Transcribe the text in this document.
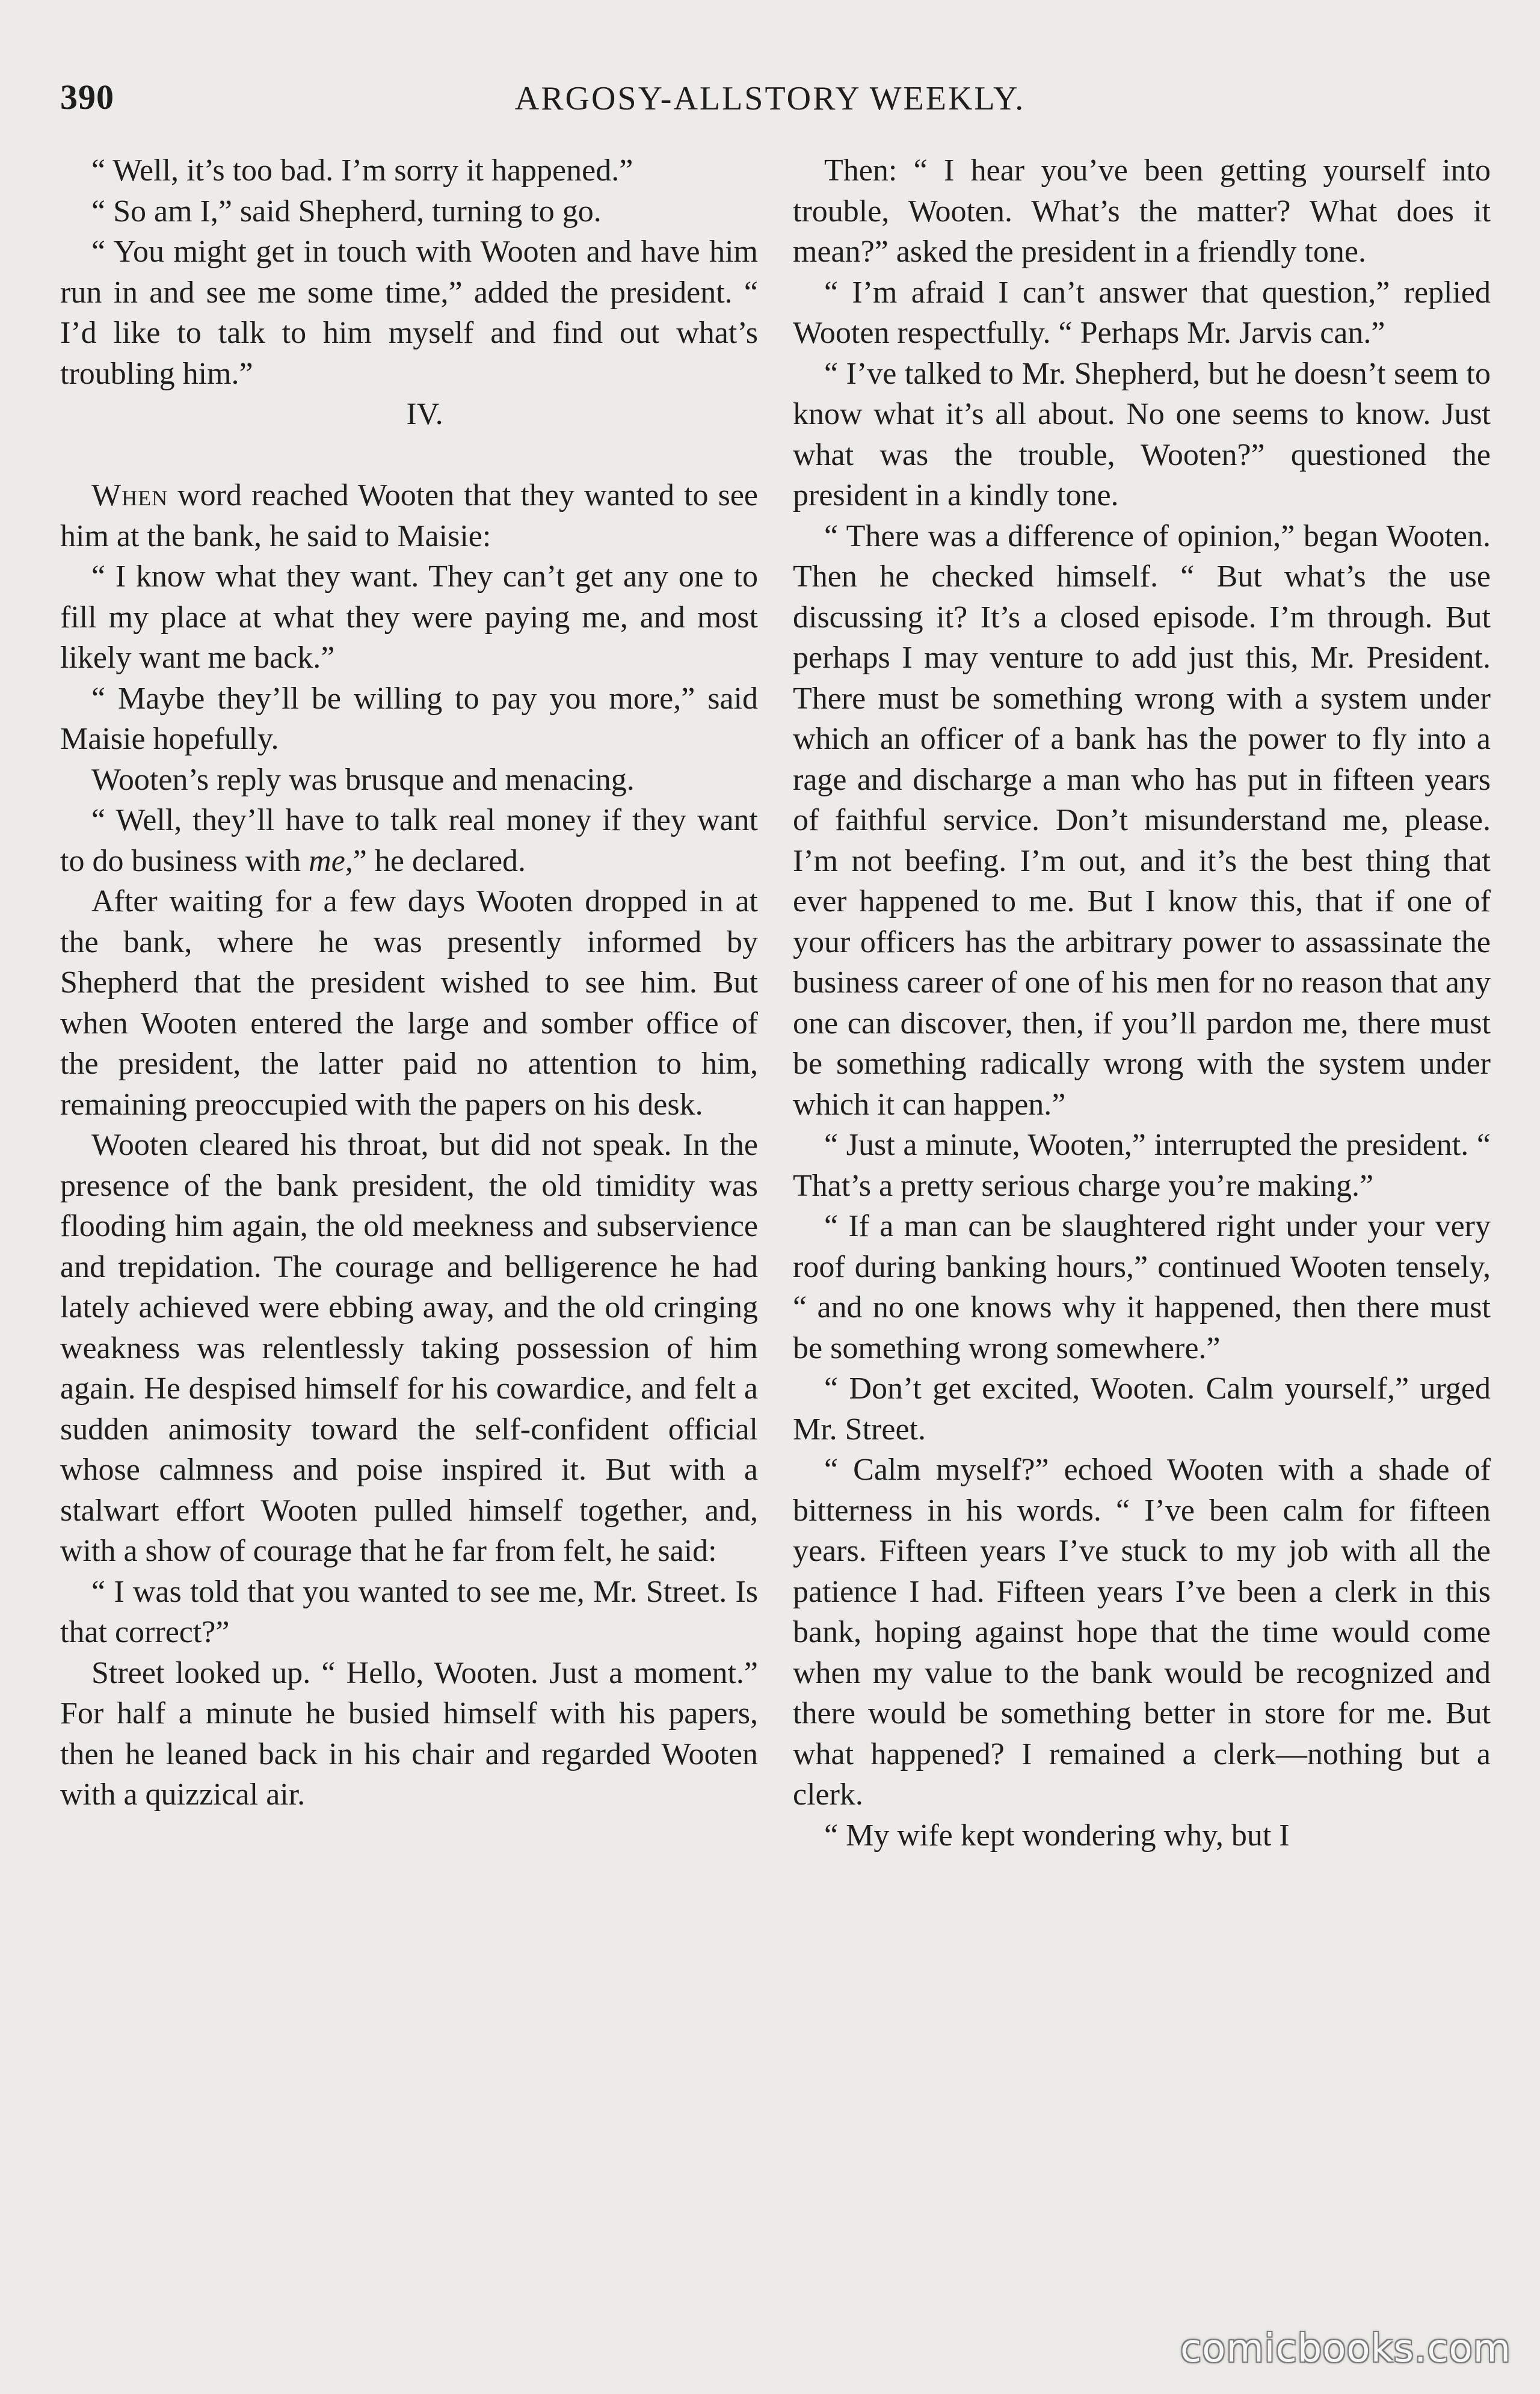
390	ARGOSY-ALLSTORY WEEKLY.

“ Well, it’s too bad. I’m sorry it happened.”

“ So am I,” said Shepherd, turning to go.

“ You might get in touch with Wooten and have him run in and see me some time,” added the president. “ I’d like to talk to him myself and find out what’s troubling him.”

IV.

When word reached Wooten that they wanted to see him at the bank, he said to Maisie:

“ I know what they want. They can’t get any one to fill my place at what they were paying me, and most likely want me back.”

“ Maybe they’ll be willing to pay you more,” said Maisie hopefully.

Wooten’s reply was brusque and menacing.

“ Well, they’ll have to talk real money if they want to do business with me,” he declared.

After waiting for a few days Wooten dropped in at the bank, where he was presently informed by Shepherd that the president wished to see him. But when Wooten entered the large and somber office of the president, the latter paid no attention to him, remaining preoccupied with the papers on his desk.

Wooten cleared his throat, but did not speak. In the presence of the bank president, the old timidity was flooding him again, the old meekness and subservience and trepidation. The courage and belligerence he had lately achieved were ebbing away, and the old cringing weakness was relentlessly taking possession of him again. He despised himself for his cowardice, and felt a sudden animosity toward the self-confident official whose calmness and poise inspired it. But with a stalwart effort Wooten pulled himself together, and, with a show of courage that he far from felt, he said:

“ I was told that you wanted to see me, Mr. Street. Is that correct?”

Street looked up. “ Hello, Wooten. Just a moment.” For half a minute he busied himself with his papers, then he leaned back in his chair and regarded Wooten with a quizzical air.

Then: “ I hear you’ve been getting yourself into trouble, Wooten. What’s the matter? What does it mean?” asked the president in a friendly tone.

“ I’m afraid I can’t answer that question,” replied Wooten respectfully. “ Perhaps Mr. Jarvis can.”

“ I’ve talked to Mr. Shepherd, but he doesn’t seem to know what it’s all about. No one seems to know. Just what was the trouble, Wooten?” questioned the president in a kindly tone.

“ There was a difference of opinion,” began Wooten. Then he checked himself. “ But what’s the use discussing it? It’s a closed episode. I’m through. But perhaps I may venture to add just this, Mr. President. There must be something wrong with a system under which an officer of a bank has the power to fly into a rage and discharge a man who has put in fifteen years of faithful service. Don’t misunderstand me, please. I’m not beefing. I’m out, and it’s the best thing that ever happened to me. But I know this, that if one of your officers has the arbitrary power to assassinate the business career of one of his men for no reason that any one can discover, then, if you’ll pardon me, there must be something radically wrong with the system under which it can happen.”

“ Just a minute, Wooten,” interrupted the president. “ That’s a pretty serious charge you’re making.”

“ If a man can be slaughtered right under your very roof during banking hours,” continued Wooten tensely, “ and no one knows why it happened, then there must be something wrong somewhere.”

“ Don’t get excited, Wooten. Calm yourself,” urged Mr. Street.

“ Calm myself?” echoed Wooten with a shade of bitterness in his words. “ I’ve been calm for fifteen years. Fifteen years I’ve stuck to my job with all the patience I had. Fifteen years I’ve been a clerk in this bank, hoping against hope that the time would come when my value to the bank would be recognized and there would be something better in store for me. But what happened? I remained a clerk—nothing but a clerk.

“ My wife kept wondering why, but I

comicbooks.com
